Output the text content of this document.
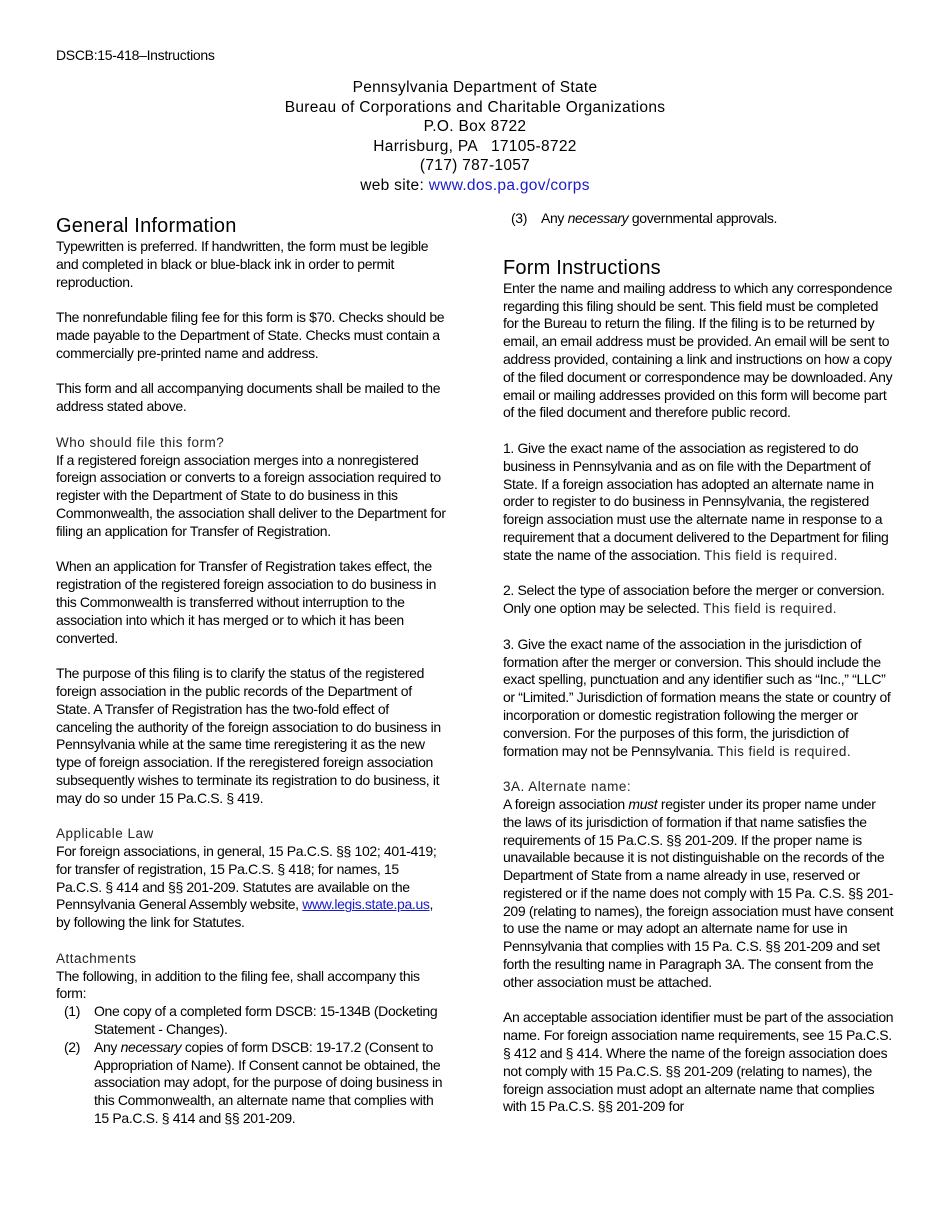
DSCB:15-418–Instructions
Pennsylvania Department of State
Bureau of Corporations and Charitable Organizations
P.O. Box 8722
Harrisburg, PA   17105-8722
(717) 787-1057
web site: www.dos.pa.gov/corps
General Information

Typewritten is preferred. If handwritten, the form must be legible and completed in black or blue-black ink in order to permit reproduction.

The nonrefundable filing fee for this form is $70. Checks should be made payable to the Department of State. Checks must contain a commercially pre-printed name and address.

This form and all accompanying documents shall be mailed to the address stated above.

Who should file this form?

If a registered foreign association merges into a nonregistered foreign association or converts to a foreign association required to register with the Department of State to do business in this Commonwealth, the association shall deliver to the Department for filing an application for Transfer of Registration.

When an application for Transfer of Registration takes effect, the registration of the registered foreign association to do business in this Commonwealth is transferred without interruption to the association into which it has merged or to which it has been converted.

The purpose of this filing is to clarify the status of the registered foreign association in the public records of the Department of State. A Transfer of Registration has the two-fold effect of canceling the authority of the foreign association to do business in Pennsylvania while at the same time reregistering it as the new type of foreign association. If the reregistered foreign association subsequently wishes to terminate its registration to do business, it may do so under 15 Pa.C.S. § 419.

Applicable Law

For foreign associations, in general, 15 Pa.C.S. §§ 102; 401-419; for transfer of registration, 15 Pa.C.S. § 418; for names, 15 Pa.C.S. § 414 and §§ 201-209. Statutes are available on the Pennsylvania General Assembly website, www.legis.state.pa.us, by following the link for Statutes.

Attachments

The following, in addition to the filing fee, shall accompany this form:

(1) One copy of a completed form DSCB: 15-134B (Docketing Statement - Changes).
(2) Any necessary copies of form DSCB: 19-17.2 (Consent to Appropriation of Name). If Consent cannot be obtained, the association may adopt, for the purpose of doing business in this Commonwealth, an alternate name that complies with 15 Pa.C.S. § 414 and §§ 201-209.
(3) Any necessary governmental approvals.
Form Instructions

Enter the name and mailing address to which any correspondence regarding this filing should be sent. This field must be completed for the Bureau to return the filing. If the filing is to be returned by email, an email address must be provided. An email will be sent to address provided, containing a link and instructions on how a copy of the filed document or correspondence may be downloaded. Any email or mailing addresses provided on this form will become part of the filed document and therefore public record.

1. Give the exact name of the association as registered to do business in Pennsylvania and as on file with the Department of State. If a foreign association has adopted an alternate name in order to register to do business in Pennsylvania, the registered foreign association must use the alternate name in response to a requirement that a document delivered to the Department for filing state the name of the association. This field is required.

2. Select the type of association before the merger or conversion. Only one option may be selected. This field is required.

3. Give the exact name of the association in the jurisdiction of formation after the merger or conversion. This should include the exact spelling, punctuation and any identifier such as “Inc.,” “LLC” or “Limited.” Jurisdiction of formation means the state or country of incorporation or domestic registration following the merger or conversion. For the purposes of this form, the jurisdiction of formation may not be Pennsylvania. This field is required.

3A. Alternate name:

A foreign association must register under its proper name under the laws of its jurisdiction of formation if that name satisfies the requirements of 15 Pa.C.S. §§ 201-209. If the proper name is unavailable because it is not distinguishable on the records of the Department of State from a name already in use, reserved or registered or if the name does not comply with 15 Pa. C.S. §§ 201-209 (relating to names), the foreign association must have consent to use the name or may adopt an alternate name for use in Pennsylvania that complies with 15 Pa. C.S. §§ 201-209 and set forth the resulting name in Paragraph 3A. The consent from the other association must be attached.

An acceptable association identifier must be part of the association name. For foreign association name requirements, see 15 Pa.C.S. § 412 and § 414. Where the name of the foreign association does not comply with 15 Pa.C.S. §§ 201-209 (relating to names), the foreign association must adopt an alternate name that complies with 15 Pa.C.S. §§ 201-209 for
